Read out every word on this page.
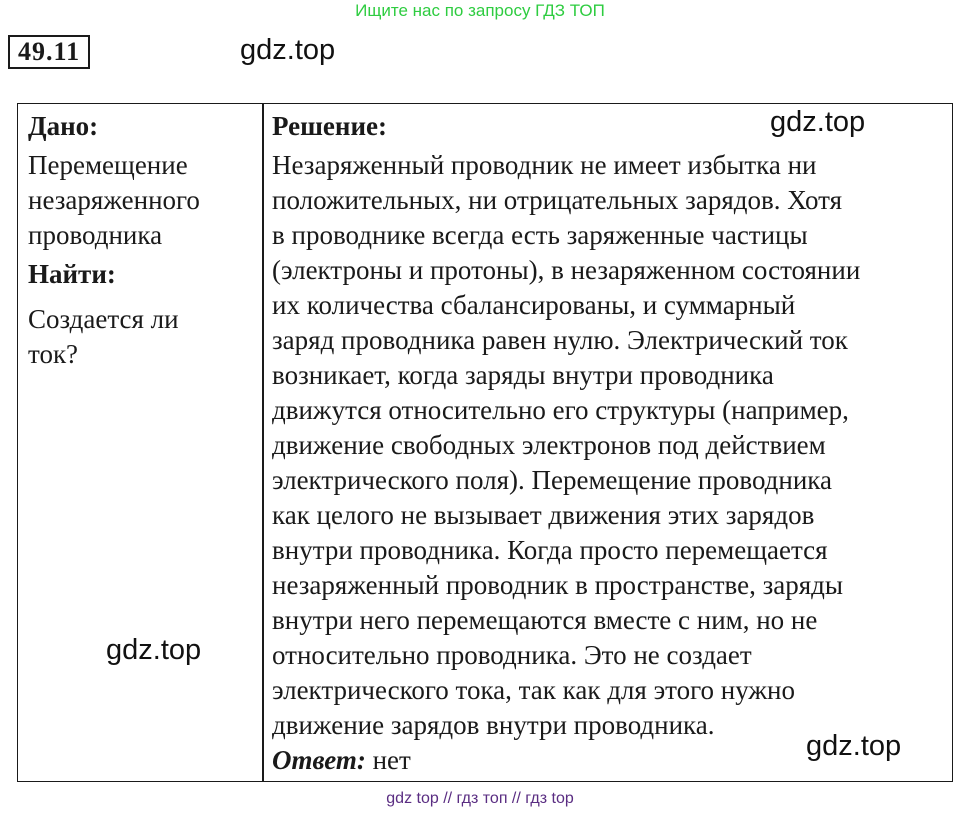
Ищите нас по запросу ГДЗ ТОП
49.11	gdz.top
Дано:
Перемещение
незаряженного
проводника
Найти:
Создается ли
ток?
Решение:

Незаряженный проводник не имеет избытка ни

положительных, ни отрицательных зарядов. Хотя

в проводнике всегда есть заряженные частицы

(электроны и протоны), в незаряженном состоянии

их количества сбалансированы, и суммарный

заряд проводника равен нулю. Электрический ток

возникает, когда заряды внутри проводника

движутся относительно его структуры (например,

движение свободных электронов под действием

электрического поля). Перемещение проводника

как целого не вызывает движения этих зарядов

внутри проводника. Когда просто перемещается

незаряженный проводник в пространстве, заряды

внутри него перемещаются вместе с ним, но не

относительно проводника. Это не создает

электрического тока, так как для этого нужно

движение зарядов внутри проводника.

Ответ: нет

gdz.top
gdz.top
gdz.top
gdz top // гдз топ // гдз top
